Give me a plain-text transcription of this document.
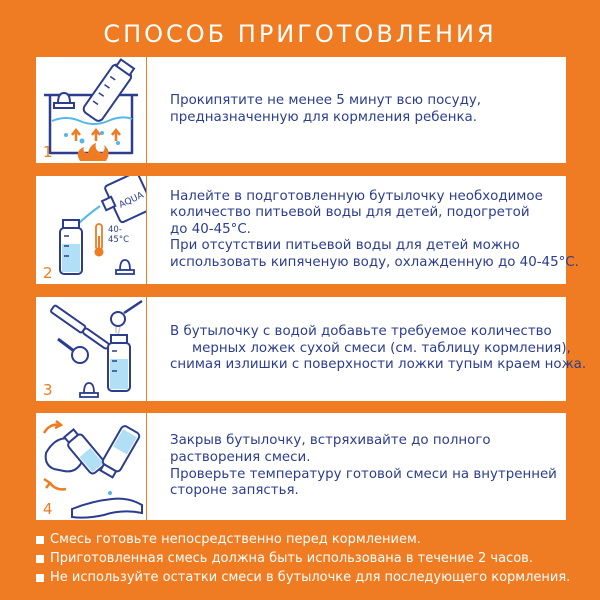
СПОСОБ ПРИГОТОВЛЕНИЯ
1
Прокипятите не менее 5 минут всю посуду,
предназначенную для кормления ребенка.
AQUA
40-
45°C
2
Налейте в подготовленную бутылочку необходимое
количество питьевой воды для детей, подогретой
до 40-45°C.
При отсутствии питьевой воды для детей можно
использовать кипяченую воду, охлажденную до 40-45°C.
3
В бутылочку с водой добавьте требуемое количество
мерных ложек сухой смеси (см. таблицу кормления),
снимая излишки с поверхности ложки тупым краем ножа.
4
Закрыв бутылочку, встряхивайте до полного
растворения смеси.
Проверьте температуру готовой смеси на внутренней
стороне запястья.
Смесь готовьте непосредственно перед кормлением.
Приготовленная смесь должна быть использована в течение 2 часов.
Не используйте остатки смеси в бутылочке для последующего кормления.
